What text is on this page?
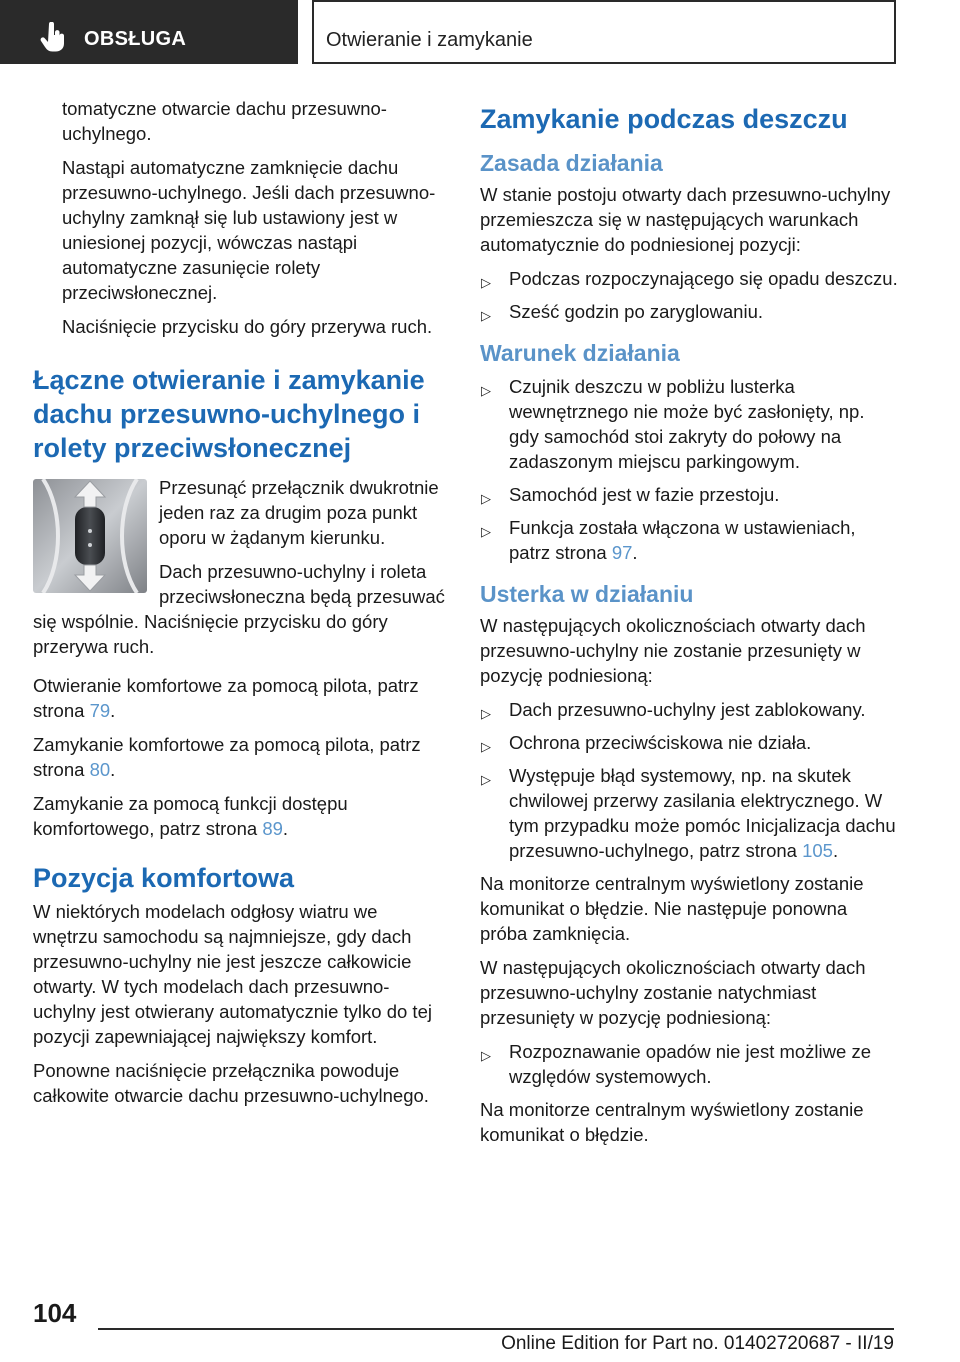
OBSŁUGA	Otwieranie i zamykanie

tomatyczne otwarcie dachu przesuwno-uchylnego.

Nastąpi automatyczne zamknięcie dachu przesuwno-uchylnego. Jeśli dach przesuwno-uchylny zamknął się lub ustawiony jest w uniesionej pozycji, wówczas nastąpi automatyczne zasunięcie rolety przeciwsłonecznej.

Naciśnięcie przycisku do góry przerywa ruch.

Łączne otwieranie i zamykanie dachu przesuwno-uchylnego i rolety przeciwsłonecznej

Przesunąć przełącznik dwukrotnie jeden raz za drugim poza punkt oporu w żądanym kierunku.

Dach przesuwno-uchylny i roleta przeciwsłoneczna będą przesuwać się wspólnie. Naciśnięcie przycisku do góry przerywa ruch.

Otwieranie komfortowe za pomocą pilota, patrz strona 79.

Zamykanie komfortowe za pomocą pilota, patrz strona 80.

Zamykanie za pomocą funkcji dostępu komfortowego, patrz strona 89.

Pozycja komfortowa

W niektórych modelach odgłosy wiatru we wnętrzu samochodu są najmniejsze, gdy dach przesuwno-uchylny nie jest jeszcze całkowicie otwarty. W tych modelach dach przesuwno-uchylny jest otwierany automatycznie tylko do tej pozycji zapewniającej największy komfort.

Ponowne naciśnięcie przełącznika powoduje całkowite otwarcie dachu przesuwno-uchylnego.

Zamykanie podczas deszczu
Zasada działania

W stanie postoju otwarty dach przesuwno-uchylny przemieszcza się w następujących warunkach automatycznie do podniesionej pozycji:

▷ Podczas rozpoczynającego się opadu deszczu.
▷ Sześć godzin po zaryglowaniu.
Warunek działania
▷ Czujnik deszczu w pobliżu lusterka wewnętrznego nie może być zasłonięty, np. gdy samochód stoi zakryty do połowy na zadaszonym miejscu parkingowym.
▷ Samochód jest w fazie przestoju.
▷ Funkcja została włączona w ustawieniach, patrz strona 97.
Usterka w działaniu

W następujących okolicznościach otwarty dach przesuwno-uchylny nie zostanie przesunięty w pozycję podniesioną:

▷ Dach przesuwno-uchylny jest zablokowany.
▷ Ochrona przeciwściskowa nie działa.
▷ Występuje błąd systemowy, np. na skutek chwilowej przerwy zasilania elektrycznego. W tym przypadku może pomóc Inicjalizacja dachu przesuwno-uchylnego, patrz strona 105.

Na monitorze centralnym wyświetlony zostanie komunikat o błędzie. Nie następuje ponowna próba zamknięcia.

W następujących okolicznościach otwarty dach przesuwno-uchylny zostanie natychmiast przesunięty w pozycję podniesioną:

▷ Rozpoznawanie opadów nie jest możliwe ze względów systemowych.

Na monitorze centralnym wyświetlony zostanie komunikat o błędzie.

104
Online Edition for Part no. 01402720687 - II/19
